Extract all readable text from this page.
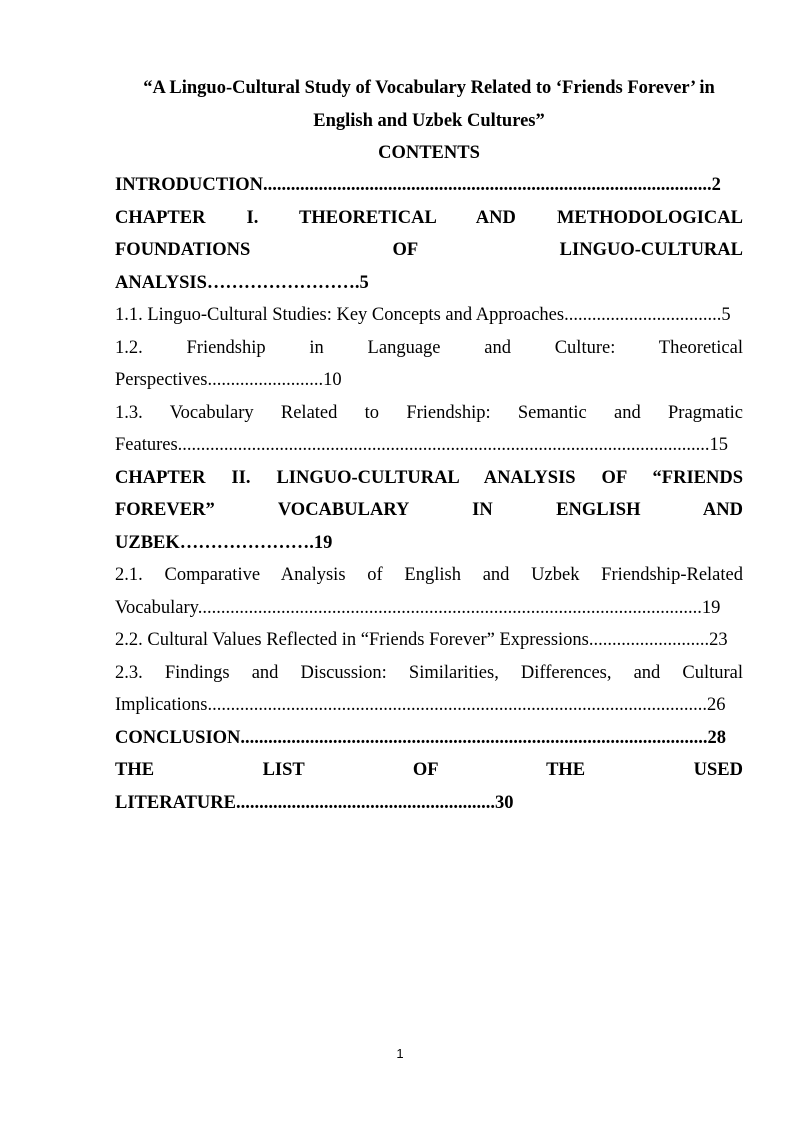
“A Linguo-Cultural Study of Vocabulary Related to ‘Friends Forever’ in
English and Uzbek Cultures”
CONTENTS
INTRODUCTION.................................................................................................2
CHAPTER I. THEORETICAL AND METHODOLOGICAL
FOUNDATIONS OF LINGUO-CULTURAL
ANALYSIS…………………….5
1.1. Linguo-Cultural Studies: Key Concepts and Approaches..................................5
1.2. Friendship in Language and Culture: Theoretical
Perspectives.........................10
1.3. Vocabulary Related to Friendship: Semantic and Pragmatic
Features...................................................................................................................15
CHAPTER II. LINGUO-CULTURAL ANALYSIS OF “FRIENDS
FOREVER” VOCABULARY IN ENGLISH AND
UZBEK………………….19
2.1. Comparative Analysis of English and Uzbek Friendship-Related
Vocabulary.............................................................................................................19
2.2. Cultural Values Reflected in “Friends Forever” Expressions..........................23
2.3. Findings and Discussion: Similarities, Differences, and Cultural
Implications............................................................................................................26
CONCLUSION.....................................................................................................28
THE LIST OF THE USED
LITERATURE........................................................30
1
